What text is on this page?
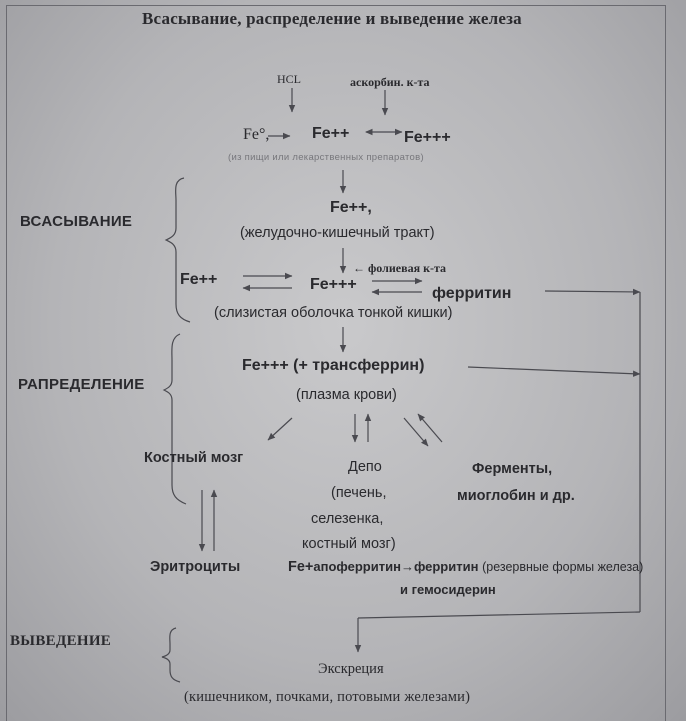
Всасывание, распределение и выведение железа
HCL	аскорбин. к-та
Fe°,	Fe++	Fe+++
(из пищи или лекарственных препаратов)
ВСАСЫВАНИЕ
РАПРЕДЕЛЕНИЕ
ВЫВЕДЕНИЕ
Fe++,
(желудочно-кишечный тракт)
← фолиевая к-та
Fe++	Fe+++
ферритин
(слизистая оболочка тонкой кишки)
Fe+++ (+ трансферрин)
(плазма крови)
Костный мозг
Депо
(печень,
селезенка,
костный мозг)
Ферменты,
миоглобин и др.
Эритроциты	Fe+апоферритин→ферритин (резервные формы железа)
и гемосидерин
Экскреция
(кишечником, почками, потовыми железами)
